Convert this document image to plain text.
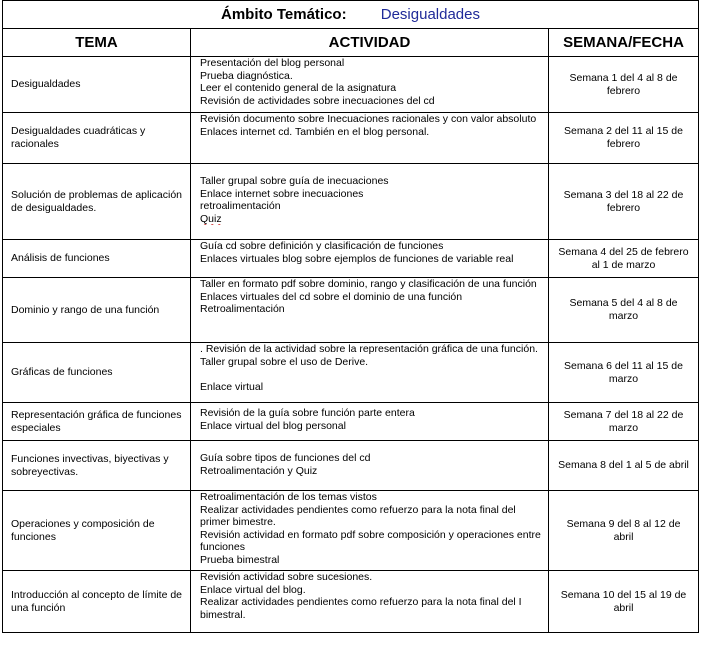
Ámbito Temático: Desigualdades		
TEMA	ACTIVIDAD	SEMANA/FECHA
Desigualdades	Presentación del blog personal
Prueba diagnóstica.
Leer el contenido general de la asignatura
Revisión de actividades sobre inecuaciones del cd	Semana 1 del 4 al 8 de febrero
Desigualdades cuadráticas y racionales	Revisión documento sobre Inecuaciones racionales y con valor absoluto
Enlaces internet cd. También en el blog personal.	Semana 2 del 11 al 15 de febrero
Solución de problemas de aplicación de desigualdades.	Taller grupal sobre guía de inecuaciones
Enlace internet sobre inecuaciones
retroalimentación
Quiz	Semana 3 del 18 al 22 de febrero
Análisis de funciones	Guía cd sobre definición y clasificación de funciones
Enlaces virtuales blog sobre ejemplos de funciones de variable real	Semana 4 del 25 de febrero al 1 de marzo
Dominio y rango de una función	Taller en formato pdf sobre dominio, rango y clasificación de una función
Enlaces virtuales del cd sobre el dominio de una función
Retroalimentación	Semana 5 del 4 al 8 de marzo
Gráficas de funciones	. Revisión de la actividad sobre la representación gráfica de una función.
Taller grupal sobre el uso de Derive.
Enlace virtual	Semana 6 del 11 al 15 de marzo
Representación gráfica de funciones especiales	Revisión de la guía sobre función parte entera
Enlace virtual del blog personal	Semana 7 del 18 al 22 de marzo
Funciones invectivas, biyectivas y sobreyectivas.	Guía sobre tipos de funciones del cd
Retroalimentación y Quiz	Semana 8 del 1 al 5 de abril
Operaciones y composición de funciones	Retroalimentación de los temas vistos
Realizar actividades pendientes como refuerzo para la nota final del primer bimestre.
Revisión actividad en formato pdf sobre composición y operaciones entre funciones
Prueba bimestral	Semana 9 del 8 al 12 de abril
Introducción al concepto de límite de una función	Revisión actividad sobre sucesiones.
Enlace virtual del blog.
Realizar actividades pendientes como refuerzo para la nota final del I bimestral.	Semana 10 del 15 al 19 de abril
